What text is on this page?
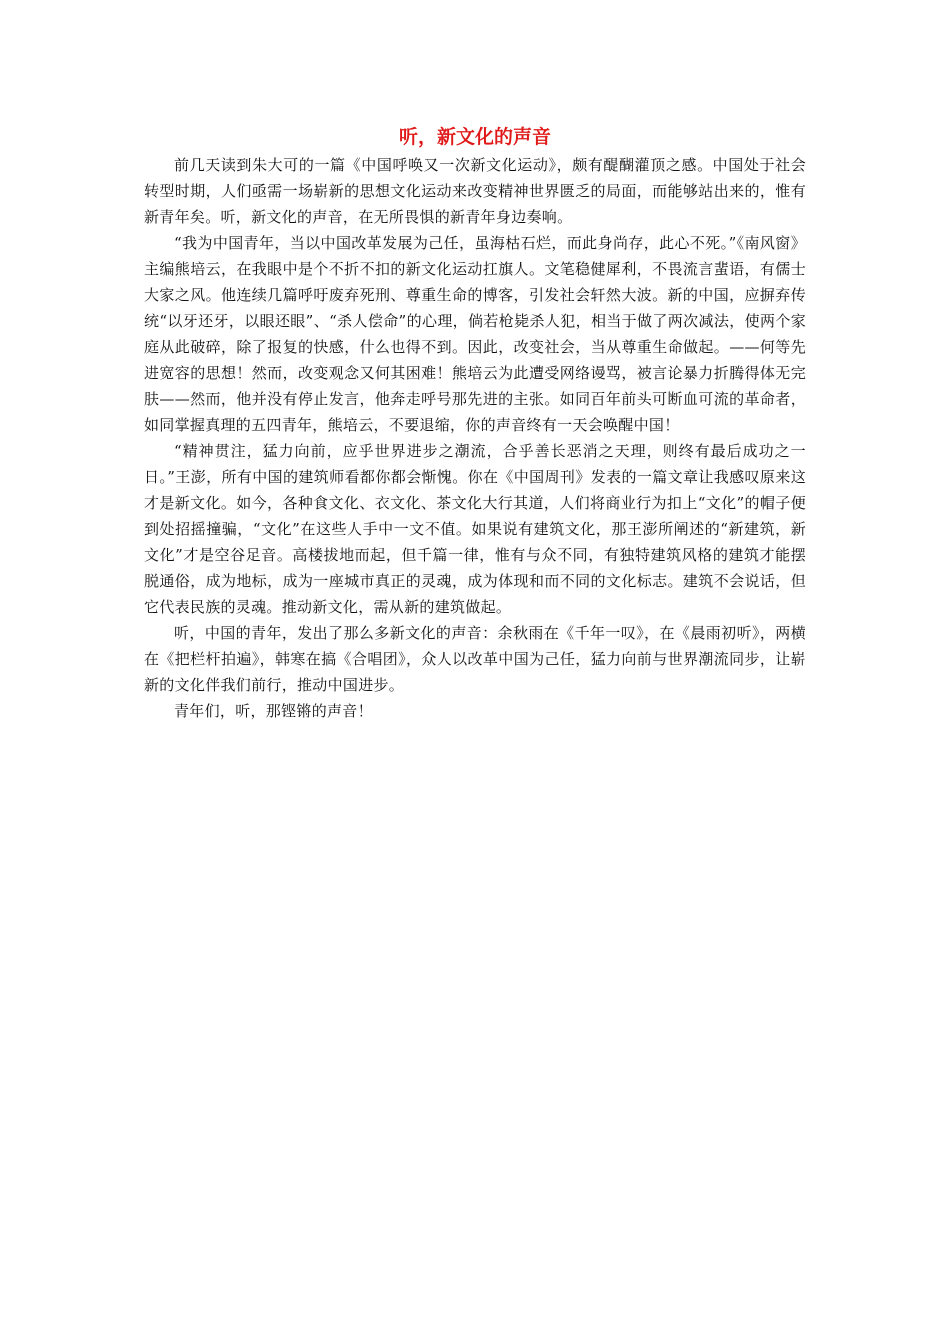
听，新文化的声音

前几天读到朱大可的一篇《中国呼唤又一次新文化运动》，颇有醍醐灌顶之感。中国处于社会转型时期，人们亟需一场崭新的思想文化运动来改变精神世界匮乏的局面，而能够站出来的，惟有新青年矣。听，新文化的声音，在无所畏惧的新青年身边奏响。

“我为中国青年，当以中国改革发展为己任，虽海枯石烂，而此身尚存，此心不死。”《南风窗》主编熊培云，在我眼中是个不折不扣的新文化运动扛旗人。文笔稳健犀利，不畏流言蜚语，有儒士大家之风。他连续几篇呼吁废弃死刑、尊重生命的博客，引发社会轩然大波。新的中国，应摒弃传统“以牙还牙，以眼还眼”、“杀人偿命”的心理，倘若枪毙杀人犯，相当于做了两次减法，使两个家庭从此破碎，除了报复的快感，什么也得不到。因此，改变社会，当从尊重生命做起。——何等先进宽容的思想！然而，改变观念又何其困难！熊培云为此遭受网络谩骂，被言论暴力折腾得体无完肤——然而，他并没有停止发言，他奔走呼号那先进的主张。如同百年前头可断血可流的革命者，如同掌握真理的五四青年，熊培云，不要退缩，你的声音终有一天会唤醒中国！

“精神贯注，猛力向前，应乎世界进步之潮流，合乎善长恶消之天理，则终有最后成功之一日。”王澎，所有中国的建筑师看都你都会惭愧。你在《中国周刊》发表的一篇文章让我感叹原来这才是新文化。如今，各种食文化、衣文化、茶文化大行其道，人们将商业行为扣上“文化”的帽子便到处招摇撞骗，“文化”在这些人手中一文不值。如果说有建筑文化，那王澎所阐述的“新建筑，新文化”才是空谷足音。高楼拔地而起，但千篇一律，惟有与众不同，有独特建筑风格的建筑才能摆脱通俗，成为地标，成为一座城市真正的灵魂，成为体现和而不同的文化标志。建筑不会说话，但它代表民族的灵魂。推动新文化，需从新的建筑做起。

听，中国的青年，发出了那么多新文化的声音：余秋雨在《千年一叹》，在《晨雨初听》，两横在《把栏杆拍遍》，韩寒在搞《合唱团》，众人以改革中国为己任，猛力向前与世界潮流同步，让崭新的文化伴我们前行，推动中国进步。

青年们，听，那铿锵的声音！
